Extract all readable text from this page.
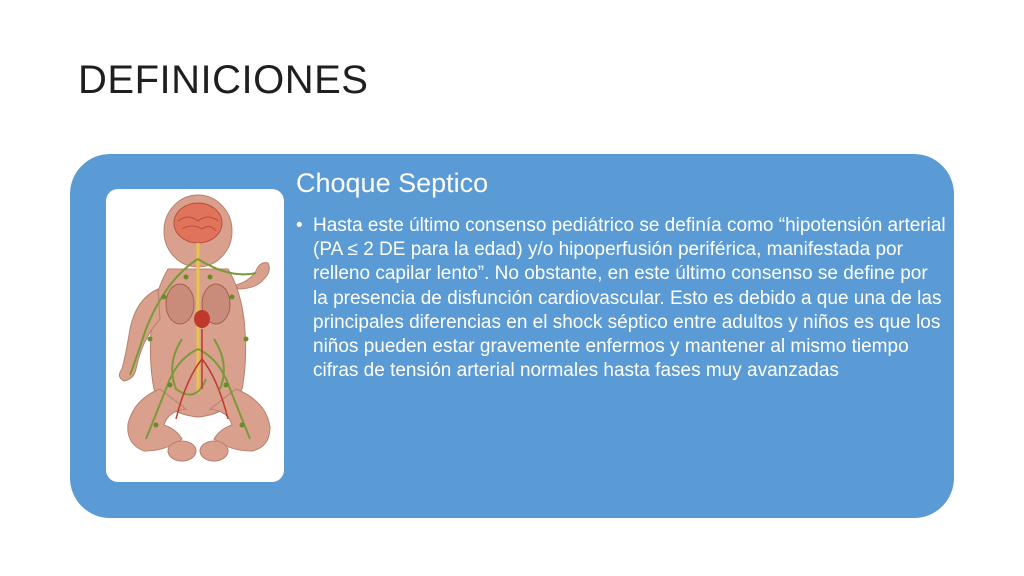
DEFINICIONES
Choque Septico
• Hasta este último consenso pediátrico se definía como “hipotensión arterial (PA ≤ 2 DE para la edad) y/o hipoperfusión periférica, manifestada por relleno capilar lento”. No obstante, en este último consenso se define por la presencia de disfunción cardiovascular. Esto es debido a que una de las principales diferencias en el shock séptico entre adultos y niños es que los niños pueden estar gravemente enfermos y mantener al mismo tiempo cifras de tensión arterial normales hasta fases muy avanzadas
